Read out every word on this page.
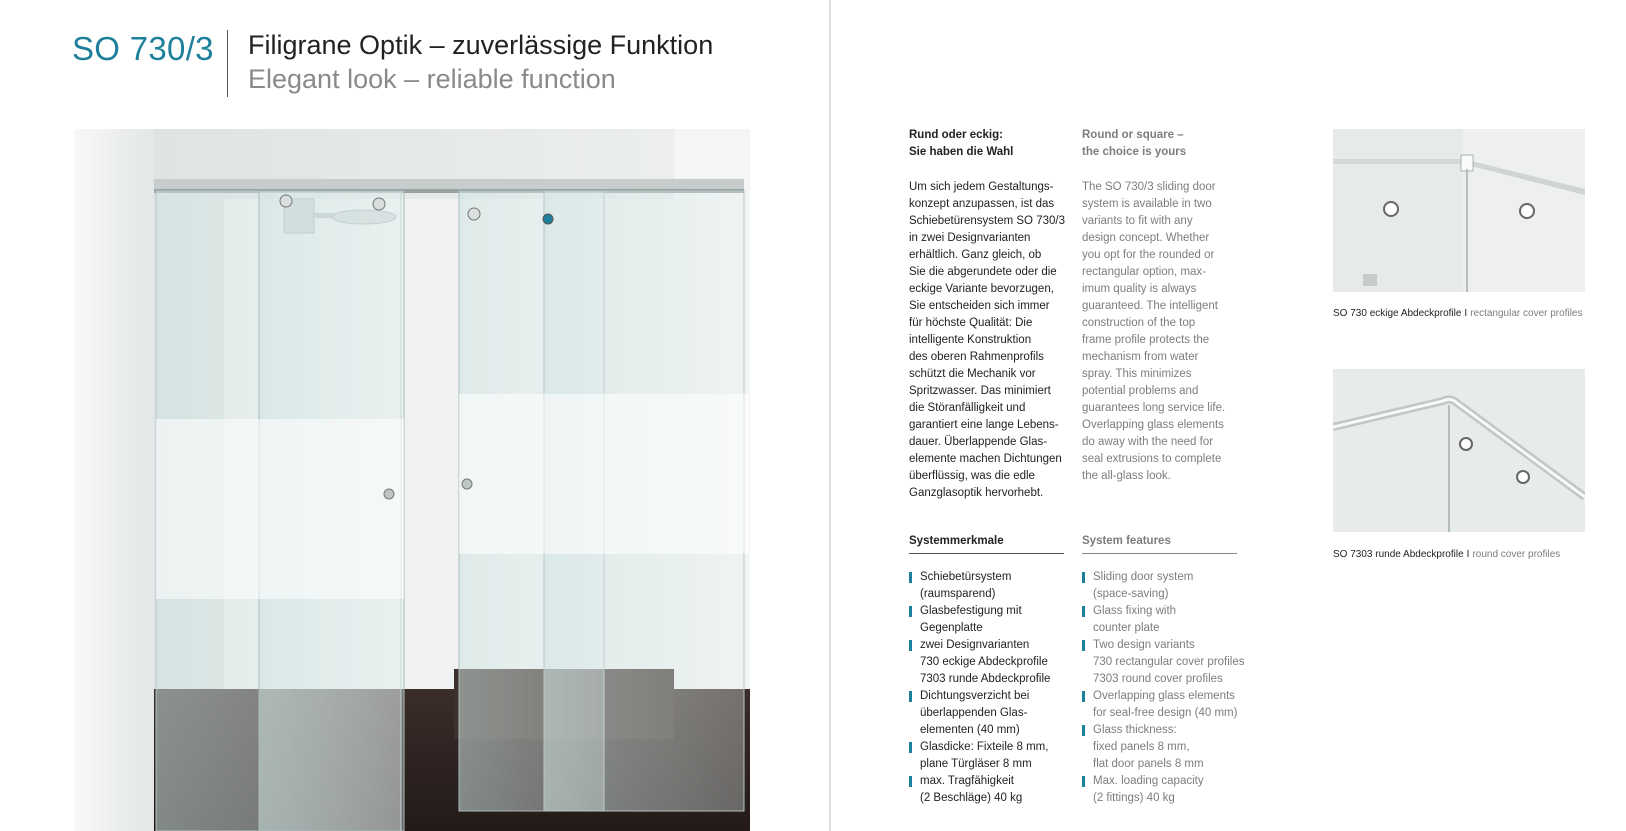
SO 730/3 Filigrane Optik – zuverlässige Funktion
Elegant look – reliable function
Rund oder eckig:
Sie haben die Wahl
Round or square –
the choice is yours
Um sich jedem Gestaltungs-
konzept anzupassen, ist das
Schiebetürensystem SO 730/3
in zwei Designvarianten
erhältlich. Ganz gleich, ob
Sie die abgerundete oder die
eckige Variante bevorzugen,
Sie entscheiden sich immer
für höchste Qualität: Die
intelligente Konstruktion
des oberen Rahmenprofils
schützt die Mechanik vor
Spritzwasser. Das minimiert
die Störanfälligkeit und
garantiert eine lange Lebens-
dauer. Überlappende Glas-
elemente machen Dichtungen
überflüssig, was die edle
Ganzglasoptik hervorhebt.
The SO 730/3 sliding door
system is available in two
variants to fit with any
design concept. Whether
you opt for the rounded or
rectangular option, max-
imum quality is always
guaranteed. The intelligent
construction of the top
frame profile protects the
mechanism from water
spray. This minimizes
potential problems and
guarantees long service life.
Overlapping glass elements
do away with the need for
seal extrusions to complete
the all-glass look.
Systemmerkmale	System features
Schiebetürsystem
(raumsparend)
Glasbefestigung mit
Gegenplatte
zwei Designvarianten
730 eckige Abdeckprofile
7303 runde Abdeckprofile
Dichtungsverzicht bei
überlappenden Glas-
elementen (40 mm)
Glasdicke: Fixteile 8 mm,
plane Türgläser 8 mm
max. Tragfähigkeit
(2 Beschläge) 40 kg
Sliding door system
(space-saving)
Glass fixing with
counter plate
Two design variants
730 rectangular cover profiles
7303 round cover profiles
Overlapping glass elements
for seal-free design (40 mm)
Glass thickness:
fixed panels 8 mm,
flat door panels 8 mm
Max. loading capacity
(2 fittings) 40 kg
SO 730 eckige Abdeckprofile I rectangular cover profiles
SO 7303 runde Abdeckprofile I round cover profiles
